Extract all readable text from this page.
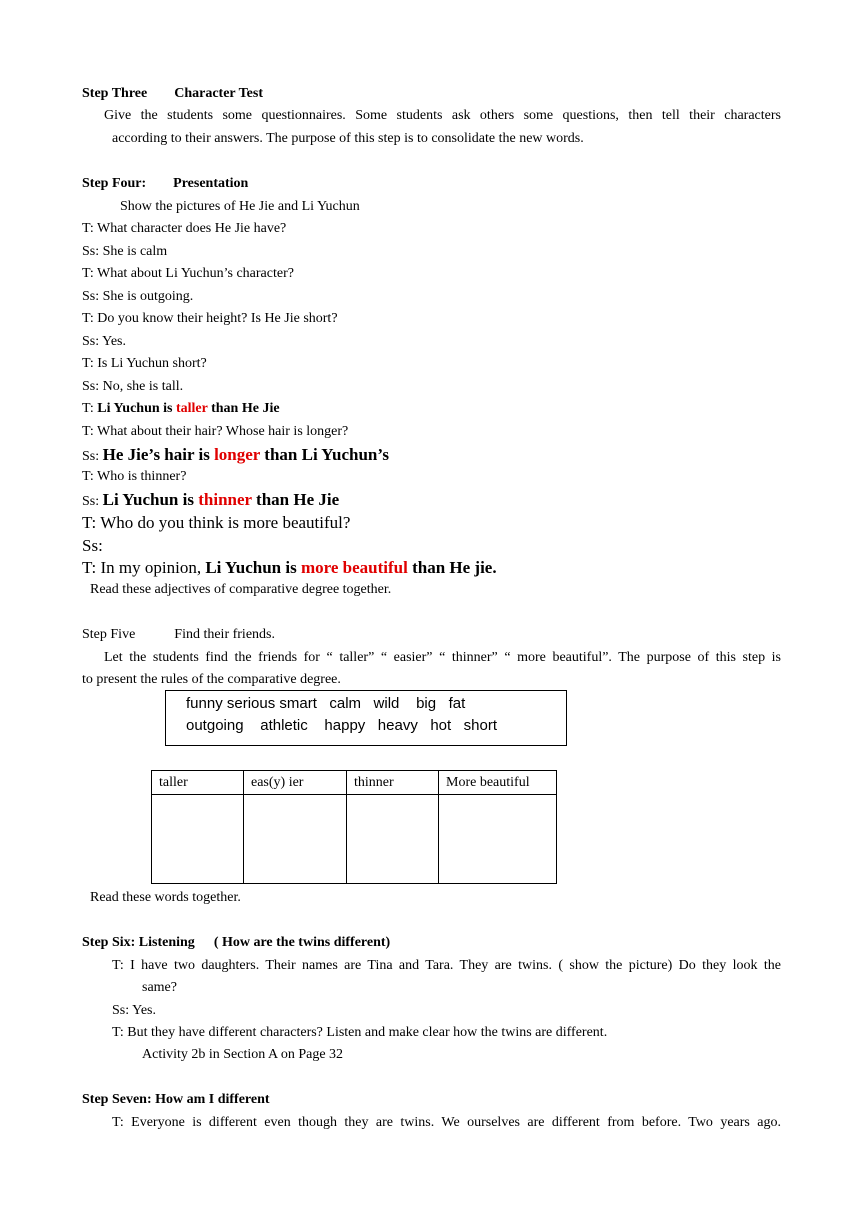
Step Three Character Test
Give the students some questionnaires. Some students ask others some questions, then tell their characters
according to their answers. The purpose of this step is to consolidate the new words.
Step Four: Presentation
Show the pictures of He Jie and Li Yuchun
T: What character does He Jie have?
Ss: She is calm
T: What about Li Yuchun’s character?
Ss: She is outgoing.
T: Do you know their height? Is He Jie short?
Ss: Yes.
T: Is Li Yuchun short?
Ss: No, she is tall.
T: Li Yuchun is taller than He Jie
T: What about their hair? Whose hair is longer?
Ss: He Jie’s hair is longer than Li Yuchun’s
T: Who is thinner?
Ss: Li Yuchun is thinner than He Jie
T: Who do you think is more beautiful?
Ss:
T: In my opinion, Li Yuchun is more beautiful than He jie.
Read these adjectives of comparative degree together.
Step Five	Find their friends.
Let the students find the friends for “ taller” “ easier” “ thinner” “ more beautiful”. The purpose of this step is
to present the rules of the comparative degree.
funny serious smart   calm   wild    big   fat
outgoing    athletic    happy   heavy   hot   short
taller	eas(y) ier	thinner	More beautiful

Read these words together.
Step Six: Listening ( How are the twins different)
T: I have two daughters. Their names are Tina and Tara. They are twins. ( show the picture) Do they look the
same?
Ss: Yes.
T: But they have different characters? Listen and make clear how the twins are different.
Activity 2b in Section A on Page 32
Step Seven: How am I different
T: Everyone is different even though they are twins. We ourselves are different from before. Two years ago.
